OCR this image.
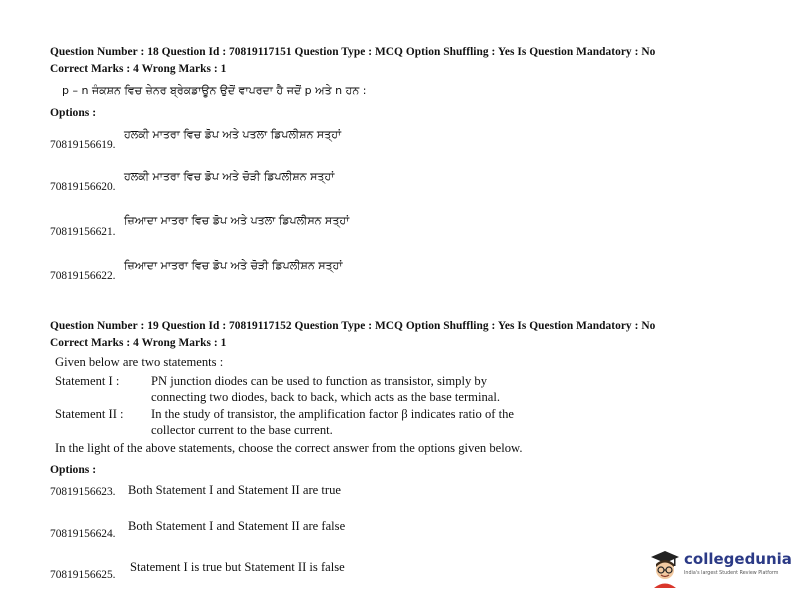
Question Number : 18 Question Id : 70819117151 Question Type : MCQ Option Shuffling : Yes Is Question Mandatory : No
Correct Marks : 4 Wrong Marks : 1
p – n ਜੰਕਸ਼ਨ ਵਿਚ ਜ਼ੇਨਰ ਬ੍ਰੇਕਡਾਊਨ ਉਦੋਂ ਵਾਪਰਦਾ ਹੈ ਜਦੋਂ p ਅਤੇ n ਹਨ :
Options :
70819156619.
ਹਲਕੀ ਮਾਤਰਾ ਵਿਚ ਡੋਪ ਅਤੇ ਪਤਲਾ ਡਿਪਲੀਸ਼ਨ ਸਤ੍ਹਾਂ
70819156620.
ਹਲਕੀ ਮਾਤਰਾ ਵਿਚ ਡੋਪ ਅਤੇ ਚੋੜੀ ਡਿਪਲੀਸ਼ਨ ਸਤ੍ਹਾਂ
70819156621.
ਜ਼ਿਆਦਾ ਮਾਤਰਾ ਵਿਚ ਡੋਪ ਅਤੇ ਪਤਲਾ ਡਿਪਲੀਸਨ ਸਤ੍ਹਾਂ
70819156622.
ਜ਼ਿਆਦਾ ਮਾਤਰਾ ਵਿਚ ਡੋਪ ਅਤੇ ਚੋੜੀ ਡਿਪਲੀਸ਼ਨ ਸਤ੍ਹਾਂ
Question Number : 19 Question Id : 70819117152 Question Type : MCQ Option Shuffling : Yes Is Question Mandatory : No
Correct Marks : 4 Wrong Marks : 1
Given below are two statements :
Statement I :	PN junction diodes can be used to function as transistor, simply by
connecting two diodes, back to back, which acts as the base terminal.
Statement II : In the study of transistor, the amplification factor β indicates ratio of the
collector current to the base current.
In the light of the above statements, choose the correct answer from the options given below.
Options :
70819156623. Both Statement I and Statement II are true
70819156624.
Both Statement I and Statement II are false
70819156625.
Statement I is true but Statement II is false	collegedunia
India's largest Student Review Platform
